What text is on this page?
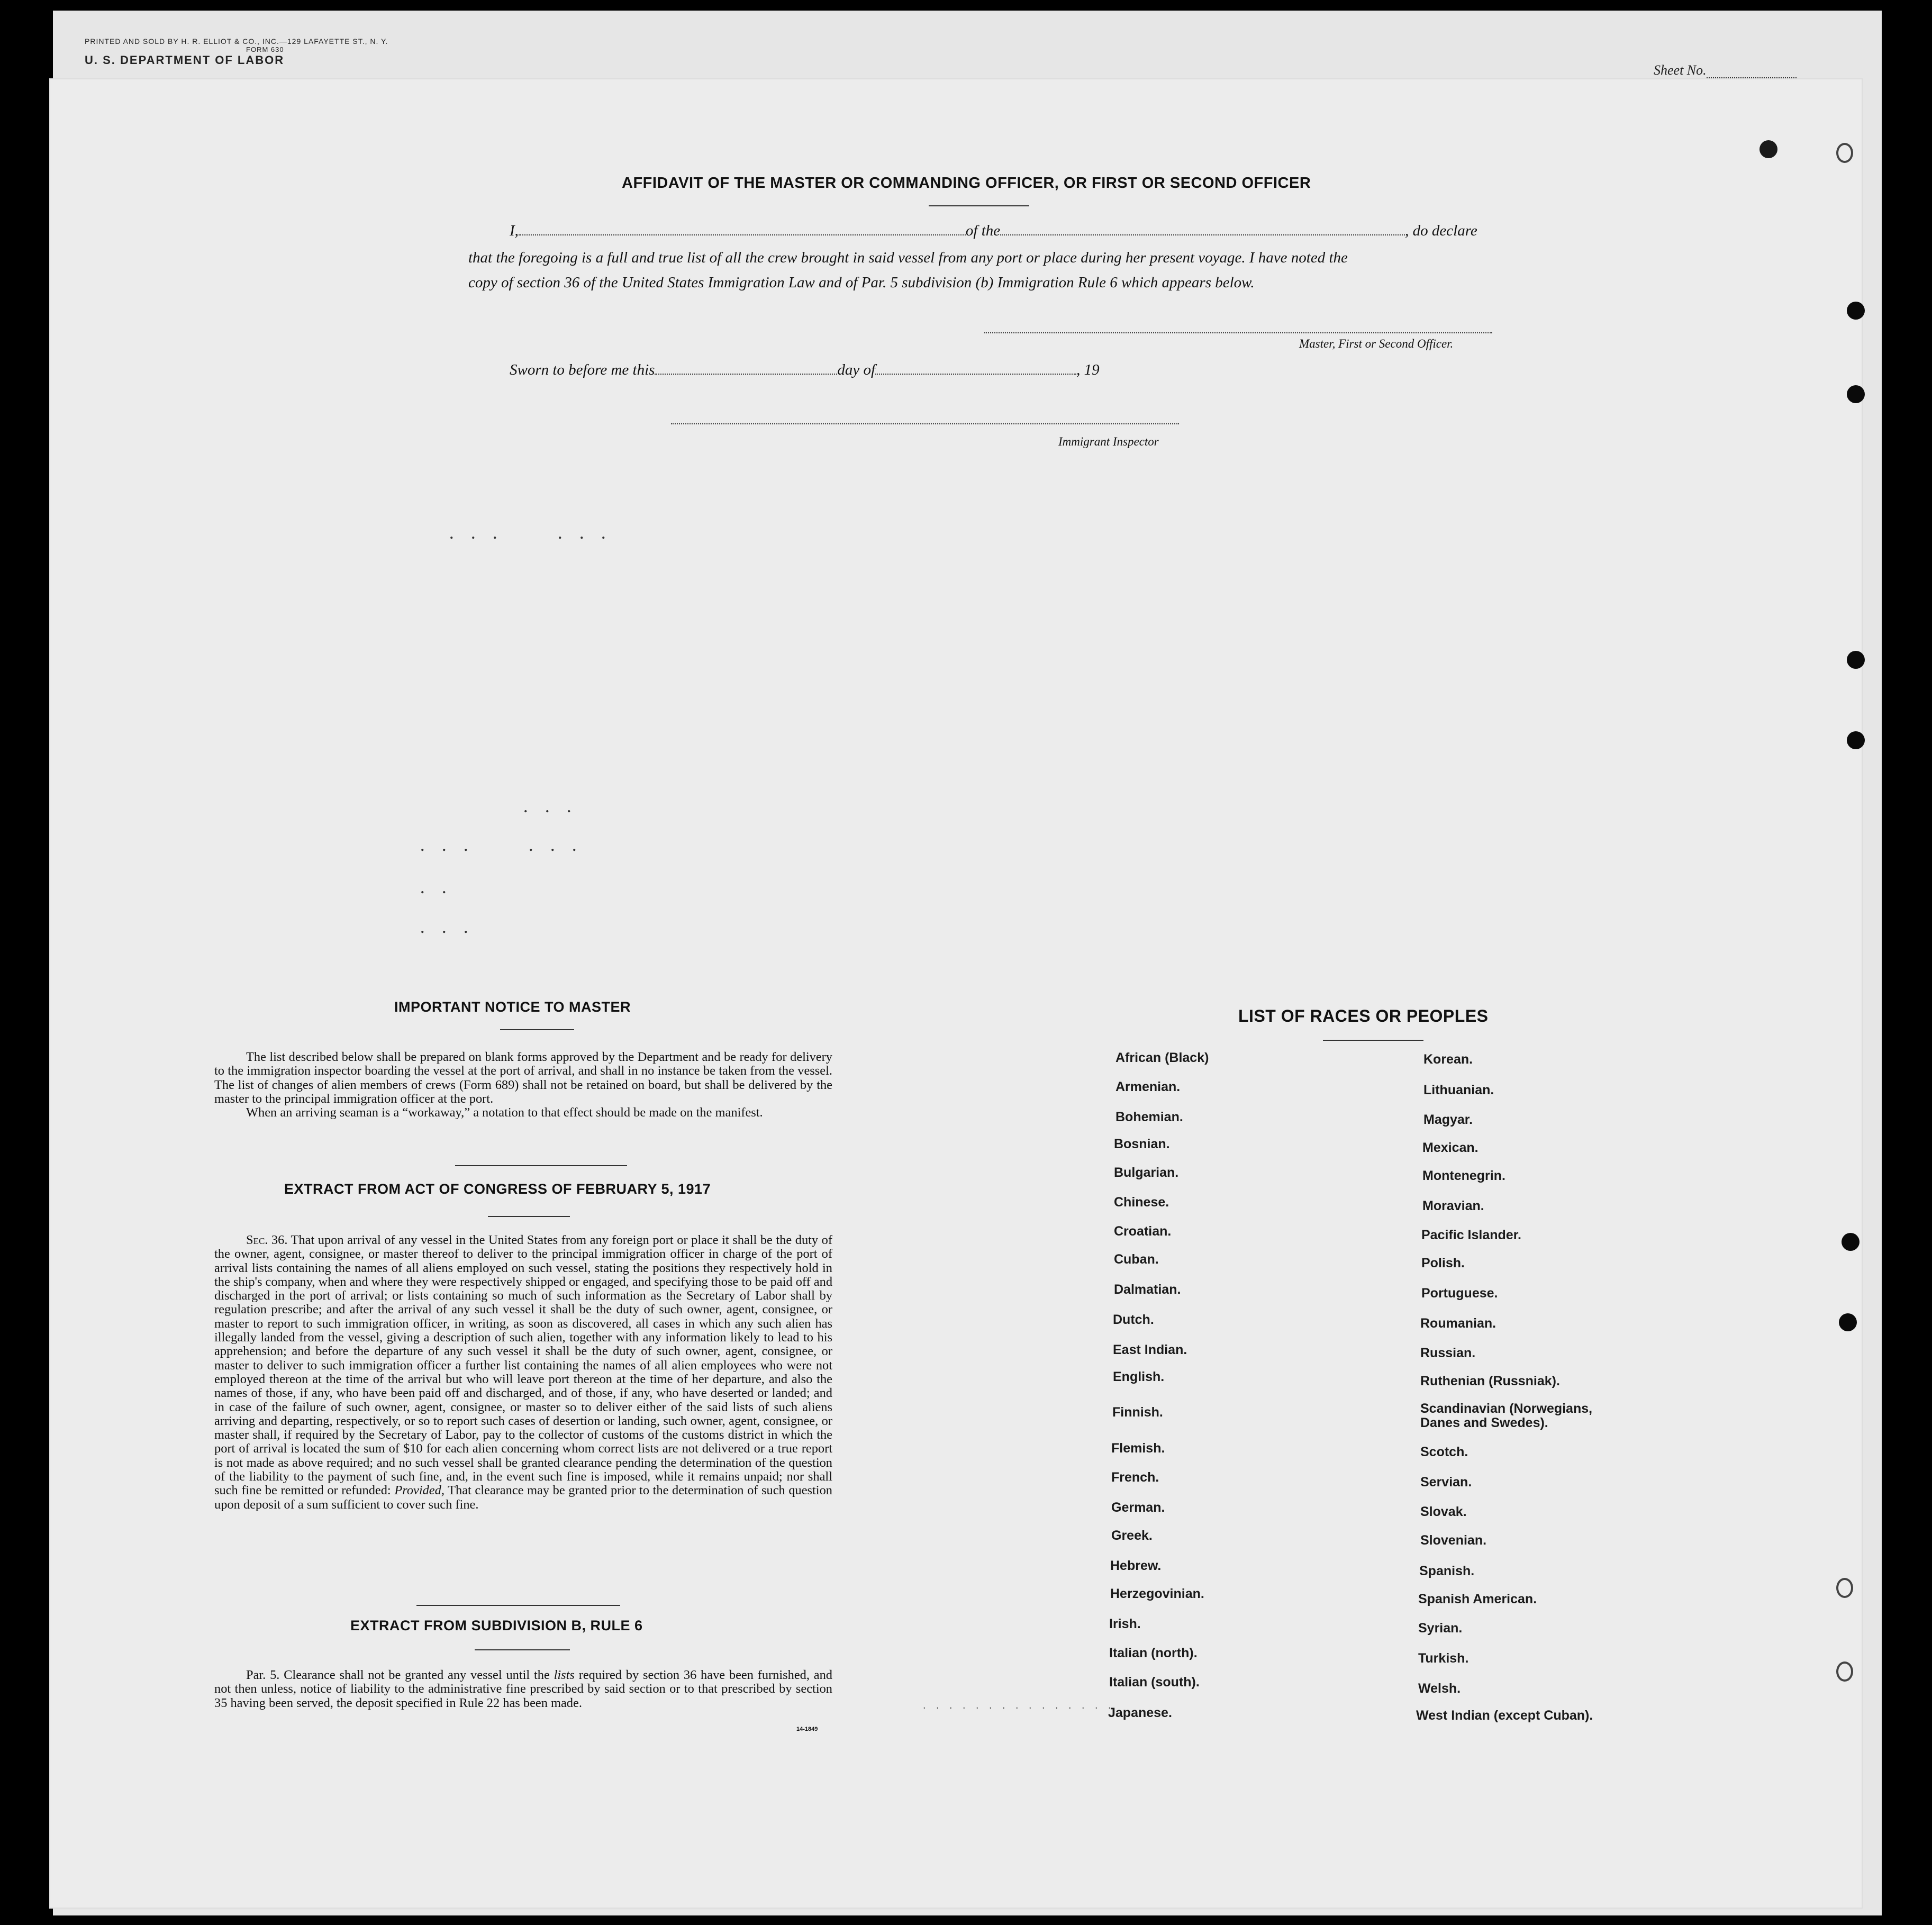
PRINTED AND SOLD BY H. R. ELLIOT & CO., INC.—129 LAFAYETTE ST., N. Y.
FORM 630
U. S. DEPARTMENT OF LABOR
Sheet No.
. . .     . . .
. . .
. . .     . . .
. .
. . .
AFFIDAVIT OF THE MASTER OR COMMANDING OFFICER, OR FIRST OR SECOND OFFICER
I,	of the	, do declare
that the foregoing is a full and true list of all the crew brought in said vessel from any port or place during her present voyage. I have noted the
copy of section 36 of the United States Immigration Law and of Par. 5 subdivision (b) Immigration Rule 6 which appears below.
Master, First or Second Officer.
Sworn to before me this	day of	, 19
Immigrant Inspector
IMPORTANT NOTICE TO MASTER

The list described below shall be prepared on blank forms approved by the Department and be ready for delivery to the immigration inspector boarding the vessel at the port of arrival, and shall in no instance be taken from the vessel. The list of changes of alien members of crews (Form 689) shall not be retained on board, but shall be delivered by the master to the principal immigration officer at the port.

When an arriving seaman is a “workaway,” a notation to that effect should be made on the manifest.

EXTRACT FROM ACT OF CONGRESS OF FEBRUARY 5, 1917

Sec. 36. That upon arrival of any vessel in the United States from any foreign port or place it shall be the duty of the owner, agent, consignee, or master thereof to deliver to the principal immigration officer in charge of the port of arrival lists containing the names of all aliens employed on such vessel, stating the positions they respectively hold in the ship's company, when and where they were respectively shipped or engaged, and specifying those to be paid off and discharged in the port of arrival; or lists containing so much of such information as the Secretary of Labor shall by regulation prescribe; and after the arrival of any such vessel it shall be the duty of such owner, agent, consignee, or master to report to such immigration officer, in writing, as soon as discovered, all cases in which any such alien has illegally landed from the vessel, giving a description of such alien, together with any information likely to lead to his apprehension; and before the departure of any such vessel it shall be the duty of such owner, agent, consignee, or master to deliver to such immigration officer a further list containing the names of all alien employees who were not employed thereon at the time of the arrival but who will leave port thereon at the time of her departure, and also the names of those, if any, who have been paid off and discharged, and of those, if any, who have deserted or landed; and in case of the failure of such owner, agent, consignee, or master so to deliver either of the said lists of such aliens arriving and departing, respectively, or so to report such cases of desertion or landing, such owner, agent, consignee, or master shall, if required by the Secretary of Labor, pay to the collector of customs of the customs district in which the port of arrival is located the sum of $10 for each alien concerning whom correct lists are not delivered or a true report is not made as above required; and no such vessel shall be granted clearance pending the determination of the question of the liability to the payment of such fine, and, in the event such fine is imposed, while it remains unpaid; nor shall such fine be remitted or refunded: Provided, That clearance may be granted prior to the determination of such question upon deposit of a sum sufficient to cover such fine.

EXTRACT FROM SUBDIVISION B, RULE 6

Par. 5. Clearance shall not be granted any vessel until the lists required by section 36 have been furnished, and not then unless, notice of liability to the administrative fine prescribed by said section or to that prescribed by section 35 having been served, the deposit specified in Rule 22 has been made.

14-1849
LIST OF RACES OR PEOPLES
. . . . . . . . . . . . . . .
African (Black)
Armenian.
Bohemian.
Bosnian.
Bulgarian.
Chinese.
Croatian.
Cuban.
Dalmatian.
Dutch.
East Indian.
English.
Finnish.
Flemish.
French.
German.
Greek.
Hebrew.
Herzegovinian.
Irish.
Italian (north).
Italian (south).
Japanese.
Korean.
Lithuanian.
Magyar.
Mexican.
Montenegrin.
Moravian.
Pacific Islander.
Polish.
Portuguese.
Roumanian.
Russian.
Ruthenian (Russniak).
Scandinavian (Norwegians, Danes and Swedes).
Scotch.
Servian.
Slovak.
Slovenian.
Spanish.
Spanish American.
Syrian.
Turkish.
Welsh.
West Indian (except Cuban).
